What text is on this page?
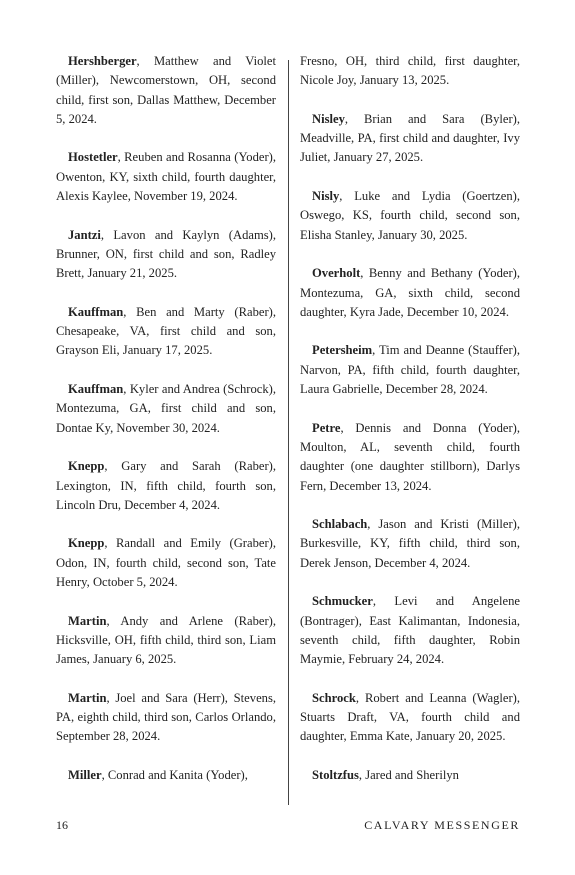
Hershberger, Matthew and Violet (Miller), Newcomerstown, OH, second child, first son, Dallas Matthew, December 5, 2024.

Hostetler, Reuben and Rosanna (Yoder), Owenton, KY, sixth child, fourth daughter, Alexis Kaylee, November 19, 2024.

Jantzi, Lavon and Kaylyn (Adams), Brunner, ON, first child and son, Radley Brett, January 21, 2025.

Kauffman, Ben and Marty (Raber), Chesapeake, VA, first child and son, Grayson Eli, January 17, 2025.

Kauffman, Kyler and Andrea (Schrock), Montezuma, GA, first child and son, Dontae Ky, November 30, 2024.

Knepp, Gary and Sarah (Raber), Lexington, IN, fifth child, fourth son, Lincoln Dru, December 4, 2024.

Knepp, Randall and Emily (Graber), Odon, IN, fourth child, second son, Tate Henry, October 5, 2024.

Martin, Andy and Arlene (Raber), Hicksville, OH, fifth child, third son, Liam James, January 6, 2025.

Martin, Joel and Sara (Herr), Stevens, PA, eighth child, third son, Carlos Orlando, September 28, 2024.

Miller, Conrad and Kanita (Yoder),

Fresno, OH, third child, first daughter, Nicole Joy, January 13, 2025.

Nisley, Brian and Sara (Byler), Meadville, PA, first child and daughter, Ivy Juliet, January 27, 2025.

Nisly, Luke and Lydia (Goertzen), Oswego, KS, fourth child, second son, Elisha Stanley, January 30, 2025.

Overholt, Benny and Bethany (Yoder), Montezuma, GA, sixth child, second daughter, Kyra Jade, December 10, 2024.

Petersheim, Tim and Deanne (Stauffer), Narvon, PA, fifth child, fourth daughter, Laura Gabrielle, December 28, 2024.

Petre, Dennis and Donna (Yoder), Moulton, AL, seventh child, fourth daughter (one daughter stillborn), Darlys Fern, December 13, 2024.

Schlabach, Jason and Kristi (Miller), Burkesville, KY, fifth child, third son, Derek Jenson, December 4, 2024.

Schmucker, Levi and Angelene (Bontrager), East Kalimantan, Indonesia, seventh child, fifth daughter, Robin Maymie, February 24, 2024.

Schrock, Robert and Leanna (Wagler), Stuarts Draft, VA, fourth child and daughter, Emma Kate, January 20, 2025.

Stoltzfus, Jared and Sherilyn

16	CALVARY MESSENGER
